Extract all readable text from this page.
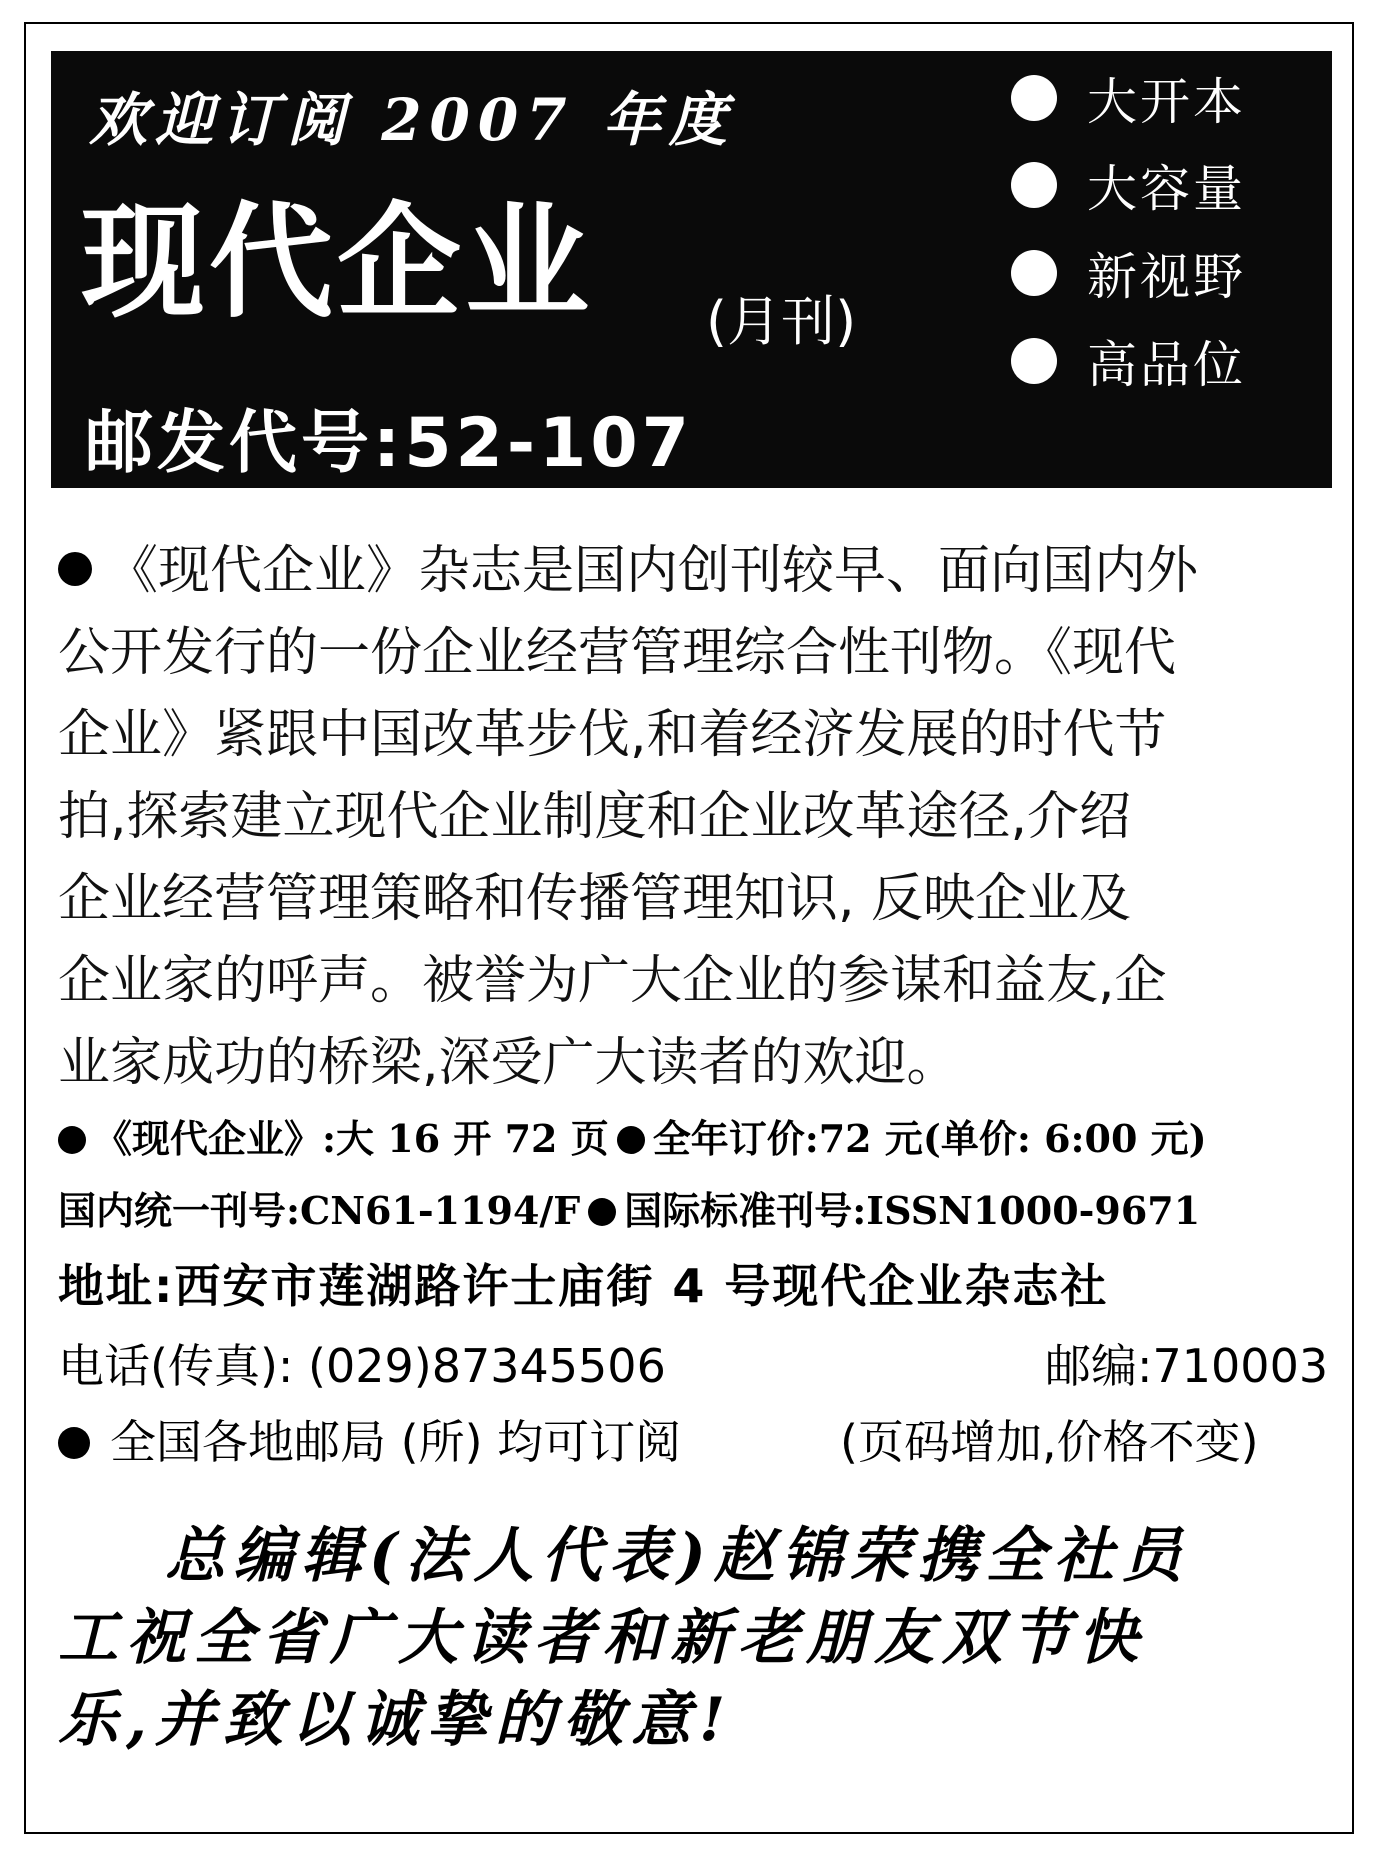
欢迎订阅 2007 年度
现代企业 (月刊)
邮发代号:52-107
大开本
大容量
新视野
高品位
《现代企业》杂志是国内创刊较早、面向国内外
公开发行的一份企业经营管理综合性刊物。《现代
企业》紧跟中国改革步伐,和着经济发展的时代节
拍,探索建立现代企业制度和企业改革途径,介绍
企业经营管理策略和传播管理知识, 反映企业及
企业家的呼声。被誉为广大企业的参谋和益友,企
业家成功的桥梁,深受广大读者的欢迎。
《现代企业》:大 16 开 72 页 全年订价:72 元(单价: 6:00 元)
国内统一刊号:CN61-1194/F 国际标准刊号:ISSN1000-9671
地址:西安市莲湖路许士庙街 4 号现代企业杂志社
电话(传真): (029)87345506	邮编:710003
全国各地邮局 (所) 均可订阅	(页码增加,价格不变)
总编辑(法人代表)赵锦荣携全社员
工祝全省广大读者和新老朋友双节快
乐,并致以诚挚的敬意!
